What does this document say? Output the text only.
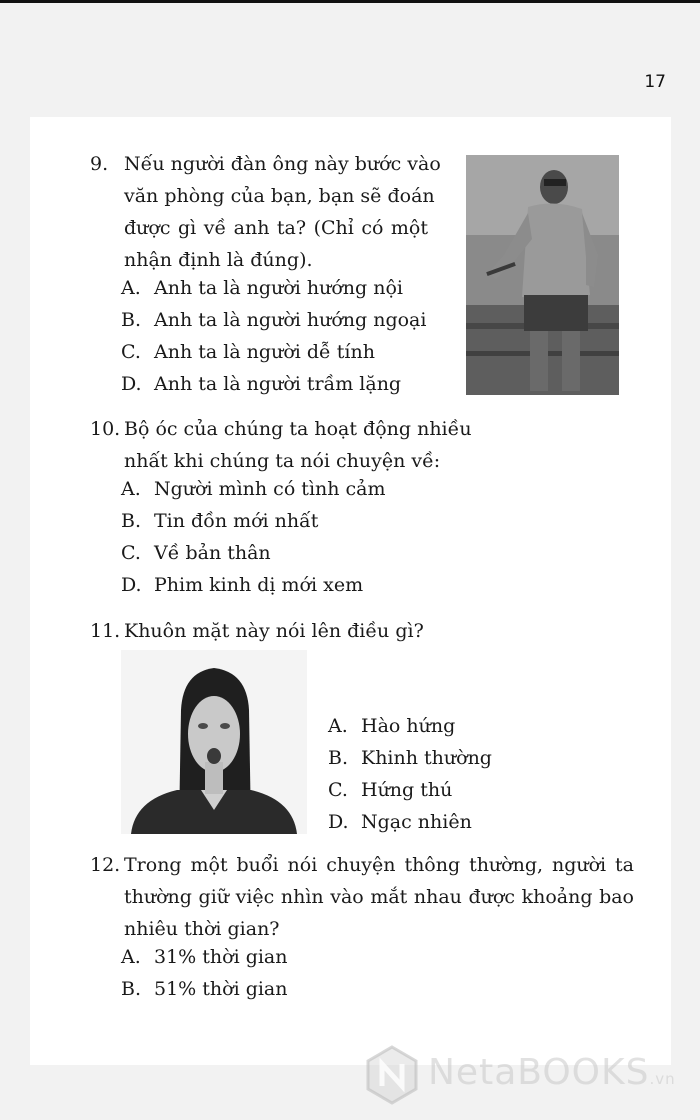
17
9. Nếu người đàn ông này bước vào
văn phòng của bạn, bạn sẽ đoán
được gì về anh ta? (Chỉ có một
nhận định là đúng).
A. Anh ta là người hướng nội
B. Anh ta là người hướng ngoại
C. Anh ta là người dễ tính
D. Anh ta là người trầm lặng
10. Bộ óc của chúng ta hoạt động nhiều
nhất khi chúng ta nói chuyện về:
A. Người mình có tình cảm
B. Tin đồn mới nhất
C. Về bản thân
D. Phim kinh dị mới xem
11. Khuôn mặt này nói lên điều gì?
A. Hào hứng
B. Khinh thường
C. Hứng thú
D. Ngạc nhiên
12. Trong một buổi nói chuyện thông thường, người ta
thường giữ việc nhìn vào mắt nhau được khoảng bao
nhiêu thời gian?
A. 31% thời gian
B. 51% thời gian
NetaBOOKS.vn
